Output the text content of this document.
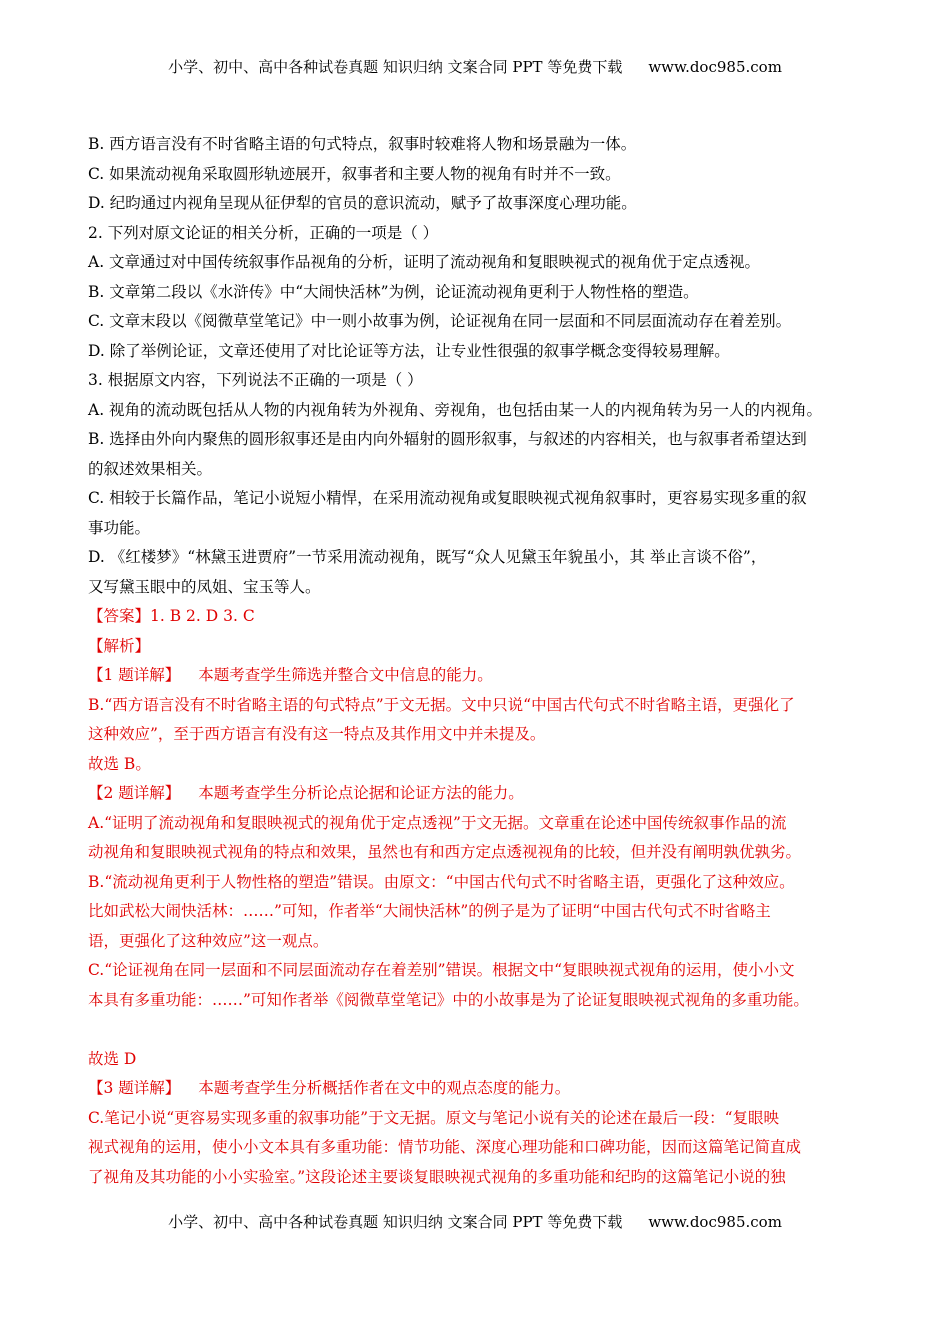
小学、初中、高中各种试卷真题 知识归纳 文案合同 PPT 等免费下载 www.doc985.com
B. 西方语言没有不时省略主语的句式特点，叙事时较难将人物和场景融为一体。
C. 如果流动视角采取圆形轨迹展开，叙事者和主要人物的视角有时并不一致。
D. 纪昀通过内视角呈现从征伊犁的官员的意识流动，赋予了故事深度心理功能。
2. 下列对原文论证的相关分析，正确的一项是（ ）
A. 文章通过对中国传统叙事作品视角的分析，证明了流动视角和复眼映视式的视角优于定点透视。
B. 文章第二段以《水浒传》中“大闹快活林”为例，论证流动视角更利于人物性格的塑造。
C. 文章末段以《阅微草堂笔记》中一则小故事为例，论证视角在同一层面和不同层面流动存在着差别。
D. 除了举例论证，文章还使用了对比论证等方法，让专业性很强的叙事学概念变得较易理解。
3. 根据原文内容，下列说法不正确的一项是（ ）
A. 视角的流动既包括从人物的内视角转为外视角、旁视角，也包括由某一人的内视角转为另一人的内视角。
B. 选择由外向内聚焦的圆形叙事还是由内向外辐射的圆形叙事，与叙述的内容相关，也与叙事者希望达到
的叙述效果相关。
C. 相较于长篇作品，笔记小说短小精悍，在采用流动视角或复眼映视式视角叙事时，更容易实现多重的叙
事功能。
D. 《红楼梦》“林黛玉进贾府”一节采用流动视角，既写“众人见黛玉年貌虽小，其 举止言谈不俗”，
又写黛玉眼中的凤姐、宝玉等人。
【答案】1. B 2. D 3. C
【解析】
【1 题详解】 本题考查学生筛选并整合文中信息的能力。
B.“西方语言没有不时省略主语的句式特点”于文无据。文中只说“中国古代句式不时省略主语，更强化了
这种效应”，至于西方语言有没有这一特点及其作用文中并未提及。
故选 B。
【2 题详解】 本题考查学生分析论点论据和论证方法的能力。
A.“证明了流动视角和复眼映视式的视角优于定点透视”于文无据。文章重在论述中国传统叙事作品的流
动视角和复眼映视式视角的特点和效果，虽然也有和西方定点透视视角的比较，但并没有阐明孰优孰劣。
B.“流动视角更利于人物性格的塑造”错误。由原文：“中国古代句式不时省略主语，更强化了这种效应。
比如武松大闹快活林：……”可知，作者举“大闹快活林”的例子是为了证明“中国古代句式不时省略主
语，更强化了这种效应”这一观点。
C.“论证视角在同一层面和不同层面流动存在着差别”错误。根据文中“复眼映视式视角的运用，使小小文
本具有多重功能：……”可知作者举《阅微草堂笔记》中的小故事是为了论证复眼映视式视角的多重功能。
故选 D
【3 题详解】 本题考查学生分析概括作者在文中的观点态度的能力。
C.笔记小说“更容易实现多重的叙事功能”于文无据。原文与笔记小说有关的论述在最后一段：“复眼映
视式视角的运用，使小小文本具有多重功能：情节功能、深度心理功能和口碑功能，因而这篇笔记简直成
了视角及其功能的小小实验室。”这段论述主要谈复眼映视式视角的多重功能和纪昀的这篇笔记小说的独
小学、初中、高中各种试卷真题 知识归纳 文案合同 PPT 等免费下载 www.doc985.com
